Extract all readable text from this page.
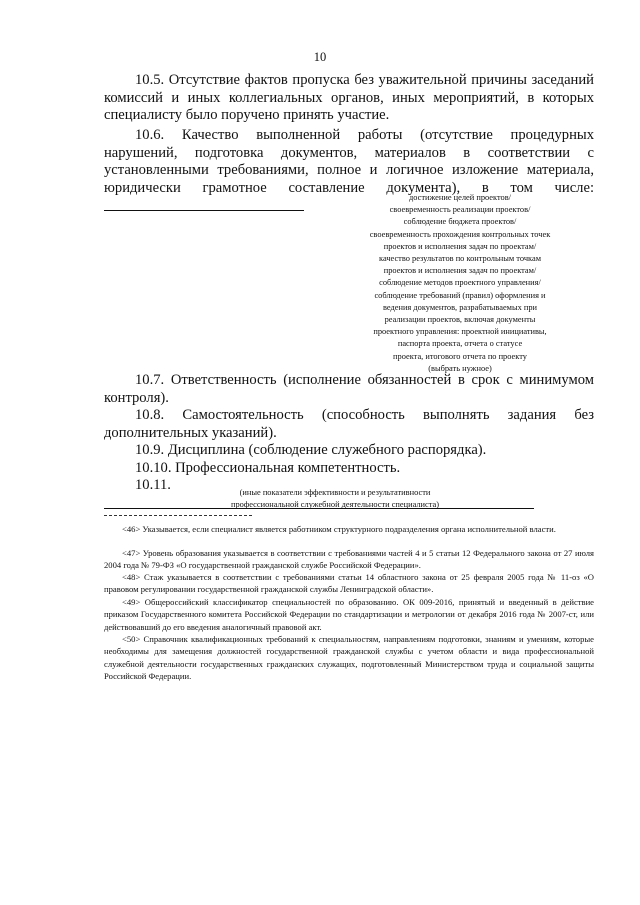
10

10.5. Отсутствие фактов пропуска без уважительной причины заседаний комиссий и иных коллегиальных органов, иных мероприятий, в которых специалисту было поручено принять участие.

10.6. Качество выполненной работы (отсутствие процедурных нарушений, подготовка документов, материалов в соответствии с установленными требованиями, полное и логичное изложение материала, юридически грамотное составление документа), в том числе:

достижение целей проектов/
своевременность реализации проектов/
соблюдение бюджета проектов/
своевременность прохождения контрольных точек
проектов и исполнения задач по проектам/
качество результатов по контрольным точкам
проектов и исполнения задач по проектам/
соблюдение методов проектного управления/
соблюдение требований (правил) оформления и
ведения документов, разрабатываемых при
реализации проектов, включая документы
проектного управления: проектной инициативы,
паспорта проекта, отчета о статусе
проекта, итогового отчета по проекту
(выбрать нужное)

10.7. Ответственность (исполнение обязанностей в срок с минимумом контроля).

10.8. Самостоятельность (способность выполнять задания без дополнительных указаний).

10.9. Дисциплина (соблюдение служебного распорядка).

10.10. Профессиональная компетентность.

10.11.	(иные показатели эффективности и результативности
профессиональной служебной деятельности специалиста)

<46> Указывается, если специалист является работником структурного подразделения органа исполнительной власти.

<47> Уровень образования указывается в соответствии с требованиями частей 4 и 5 статьи 12 Федерального закона от 27 июля 2004 года № 79-ФЗ «О государственной гражданской службе Российской Федерации».

<48> Стаж указывается в соответствии с требованиями статьи 14 областного закона от 25 февраля 2005 года № 11-оз «О правовом регулировании государственной гражданской службы Ленинградской области».

<49> Общероссийский классификатор специальностей по образованию. ОК 009-2016, принятый и введенный в действие приказом Государственного комитета Российской Федерации по стандартизации и метрологии от декабря 2016 года № 2007-ст, или действовавший до его введения аналогичный правовой акт.

<50> Справочник квалификационных требований к специальностям, направлениям подготовки, знаниям и умениям, которые необходимы для замещения должностей государственной гражданской службы с учетом области и вида профессиональной служебной деятельности государственных гражданских служащих, подготовленный Министерством труда и социальной защиты Российской Федерации.
